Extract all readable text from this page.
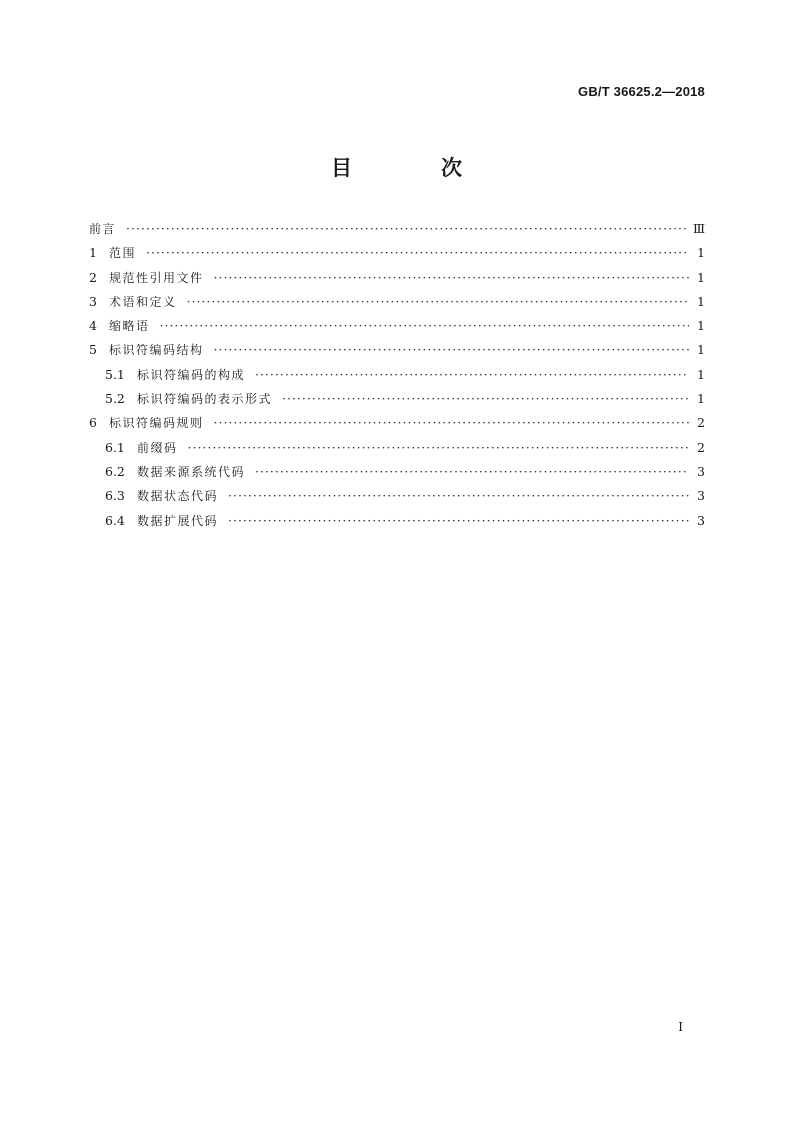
GB/T 36625.2—2018
目　次
前言 ·····	Ⅲ
1	范围 ·····	1
2	规范性引用文件 ·····	1
3	术语和定义 ·····	1
4	缩略语 ·····	1
5	标识符编码结构 ·····	1
5.1	标识符编码的构成 ·····	1
5.2	标识符编码的表示形式 ·····	1
6	标识符编码规则 ·····	2
6.1	前缀码 ·····	2
6.2	数据来源系统代码 ·····	3
6.3	数据状态代码 ·····	3
6.4	数据扩展代码 ·····	3
I
